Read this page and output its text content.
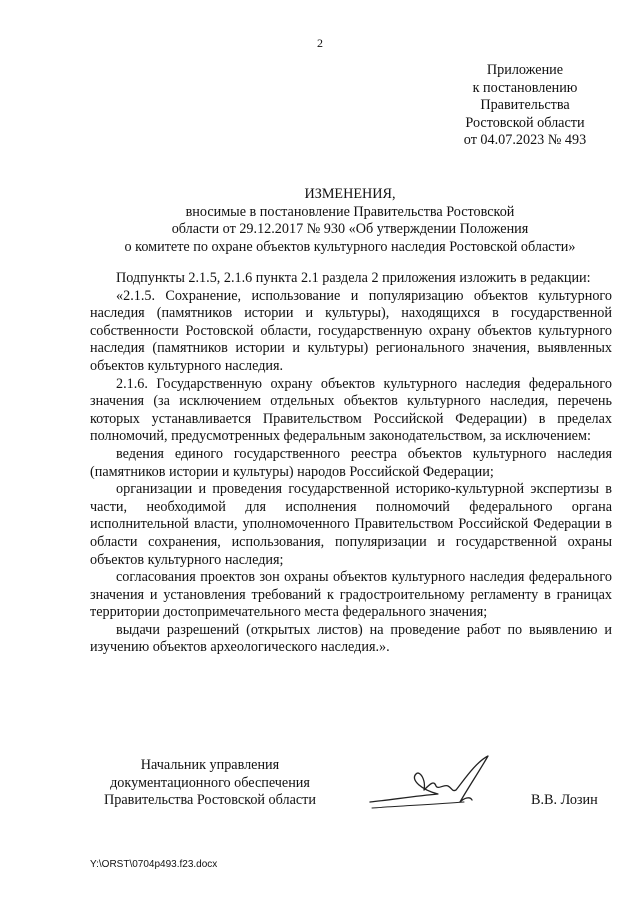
2
Приложение
к постановлению
Правительства
Ростовской области
от 04.07.2023 № 493
ИЗМЕНЕНИЯ,
вносимые в постановление Правительства Ростовской
области от 29.12.2017 № 930 «Об утверждении Положения
о комитете по охране объектов культурного наследия Ростовской области»

Подпункты 2.1.5, 2.1.6 пункта 2.1 раздела 2 приложения изложить в редакции:

«2.1.5. Сохранение, использование и популяризацию объектов культурного наследия (памятников истории и культуры), находящихся в государственной собственности Ростовской области, государственную охрану объектов культурного наследия (памятников истории и культуры) регионального значения, выявленных объектов культурного наследия.

2.1.6. Государственную охрану объектов культурного наследия федерального значения (за исключением отдельных объектов культурного наследия, перечень которых устанавливается Правительством Российской Федерации) в пределах полномочий, предусмотренных федеральным законодательством, за исключением:

ведения единого государственного реестра объектов культурного наследия (памятников истории и культуры) народов Российской Федерации;

организации и проведения государственной историко-культурной экспертизы в части, необходимой для исполнения полномочий федерального органа исполнительной власти, уполномоченного Правительством Российской Федерации в области сохранения, использования, популяризации и государственной охраны объектов культурного наследия;

согласования проектов зон охраны объектов культурного наследия федерального значения и установления требований к градостроительному регламенту в границах территории достопримечательного места федерального значения;

выдачи разрешений (открытых листов) на проведение работ по выявлению и изучению объектов археологического наследия.».

Начальник управления
документационного обеспечения
Правительства Ростовской области	В.В. Лозин
Y:\ORST\0704p493.f23.docx
